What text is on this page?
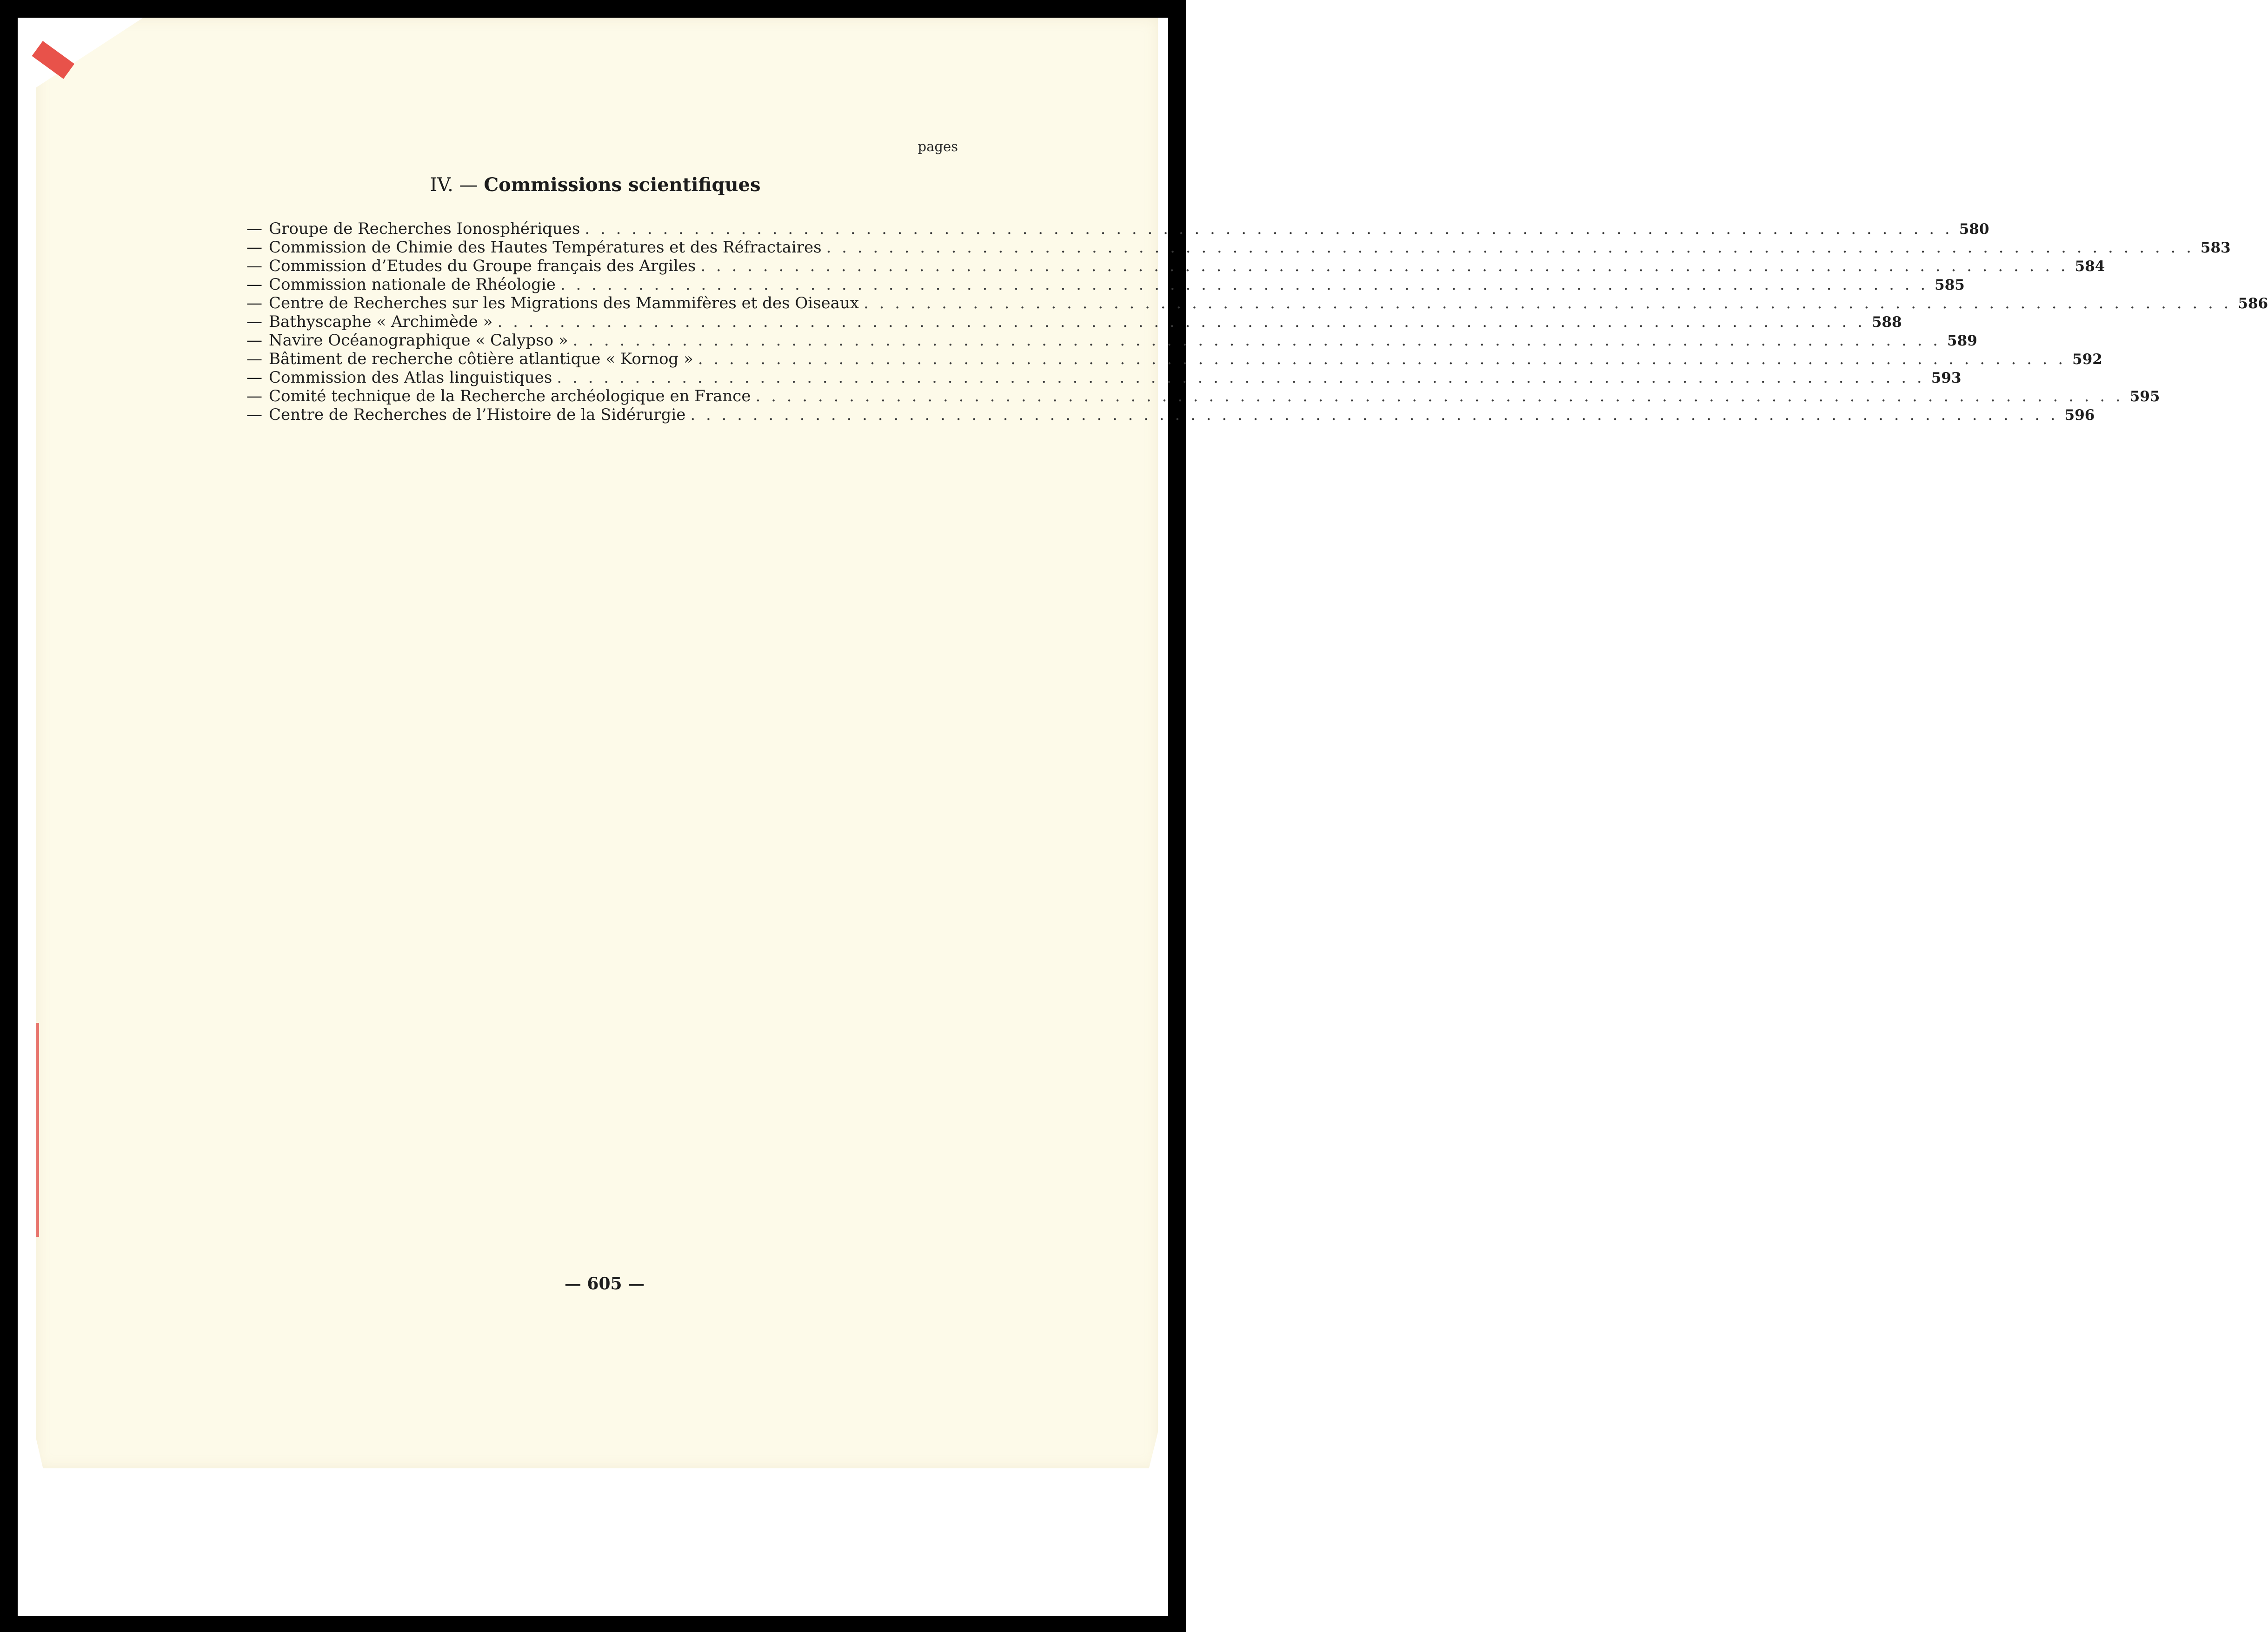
pages
IV. — Commissions scientifiques
— Groupe de Recherches Ionosphériques . . . . . . . . . . . . . . . . . . . . . . . . . . . . . . . . . . . . . . . . . . . . . . . . . . . . . . . . . . . . . . . . . . . . . . . . . . . . . . . . . . . . . . . . 580
— Commission de Chimie des Hautes Températures et des Réfractaires . . . . . . . . . . . . . . . . . . . . . . . . . . . . . . . . . . . . . . . . . . . . . . . . . . . . . . . . . . . . . . . . . . . . . . . . . . . . . . . . . . . . . . . . 583
— Commission d’Etudes du Groupe français des Argiles . . . . . . . . . . . . . . . . . . . . . . . . . . . . . . . . . . . . . . . . . . . . . . . . . . . . . . . . . . . . . . . . . . . . . . . . . . . . . . . . . . . . . . . . 584
— Commission nationale de Rhéologie . . . . . . . . . . . . . . . . . . . . . . . . . . . . . . . . . . . . . . . . . . . . . . . . . . . . . . . . . . . . . . . . . . . . . . . . . . . . . . . . . . . . . . . . 585
— Centre de Recherches sur les Migrations des Mammifères et des Oiseaux . . . . . . . . . . . . . . . . . . . . . . . . . . . . . . . . . . . . . . . . . . . . . . . . . . . . . . . . . . . . . . . . . . . . . . . . . . . . . . . . . . . . . . . . 586
— Bathyscaphe « Archimède » . . . . . . . . . . . . . . . . . . . . . . . . . . . . . . . . . . . . . . . . . . . . . . . . . . . . . . . . . . . . . . . . . . . . . . . . . . . . . . . . . . . . . . . . 588
— Navire Océanographique « Calypso » . . . . . . . . . . . . . . . . . . . . . . . . . . . . . . . . . . . . . . . . . . . . . . . . . . . . . . . . . . . . . . . . . . . . . . . . . . . . . . . . . . . . . . . . 589
— Bâtiment de recherche côtière atlantique « Kornog » . . . . . . . . . . . . . . . . . . . . . . . . . . . . . . . . . . . . . . . . . . . . . . . . . . . . . . . . . . . . . . . . . . . . . . . . . . . . . . . . . . . . . . . . 592
— Commission des Atlas linguistiques . . . . . . . . . . . . . . . . . . . . . . . . . . . . . . . . . . . . . . . . . . . . . . . . . . . . . . . . . . . . . . . . . . . . . . . . . . . . . . . . . . . . . . . . 593
— Comité technique de la Recherche archéologique en France . . . . . . . . . . . . . . . . . . . . . . . . . . . . . . . . . . . . . . . . . . . . . . . . . . . . . . . . . . . . . . . . . . . . . . . . . . . . . . . . . . . . . . . . 595
— Centre de Recherches de l’Histoire de la Sidérurgie . . . . . . . . . . . . . . . . . . . . . . . . . . . . . . . . . . . . . . . . . . . . . . . . . . . . . . . . . . . . . . . . . . . . . . . . . . . . . . . . . . . . . . . . 596
— 605 —
